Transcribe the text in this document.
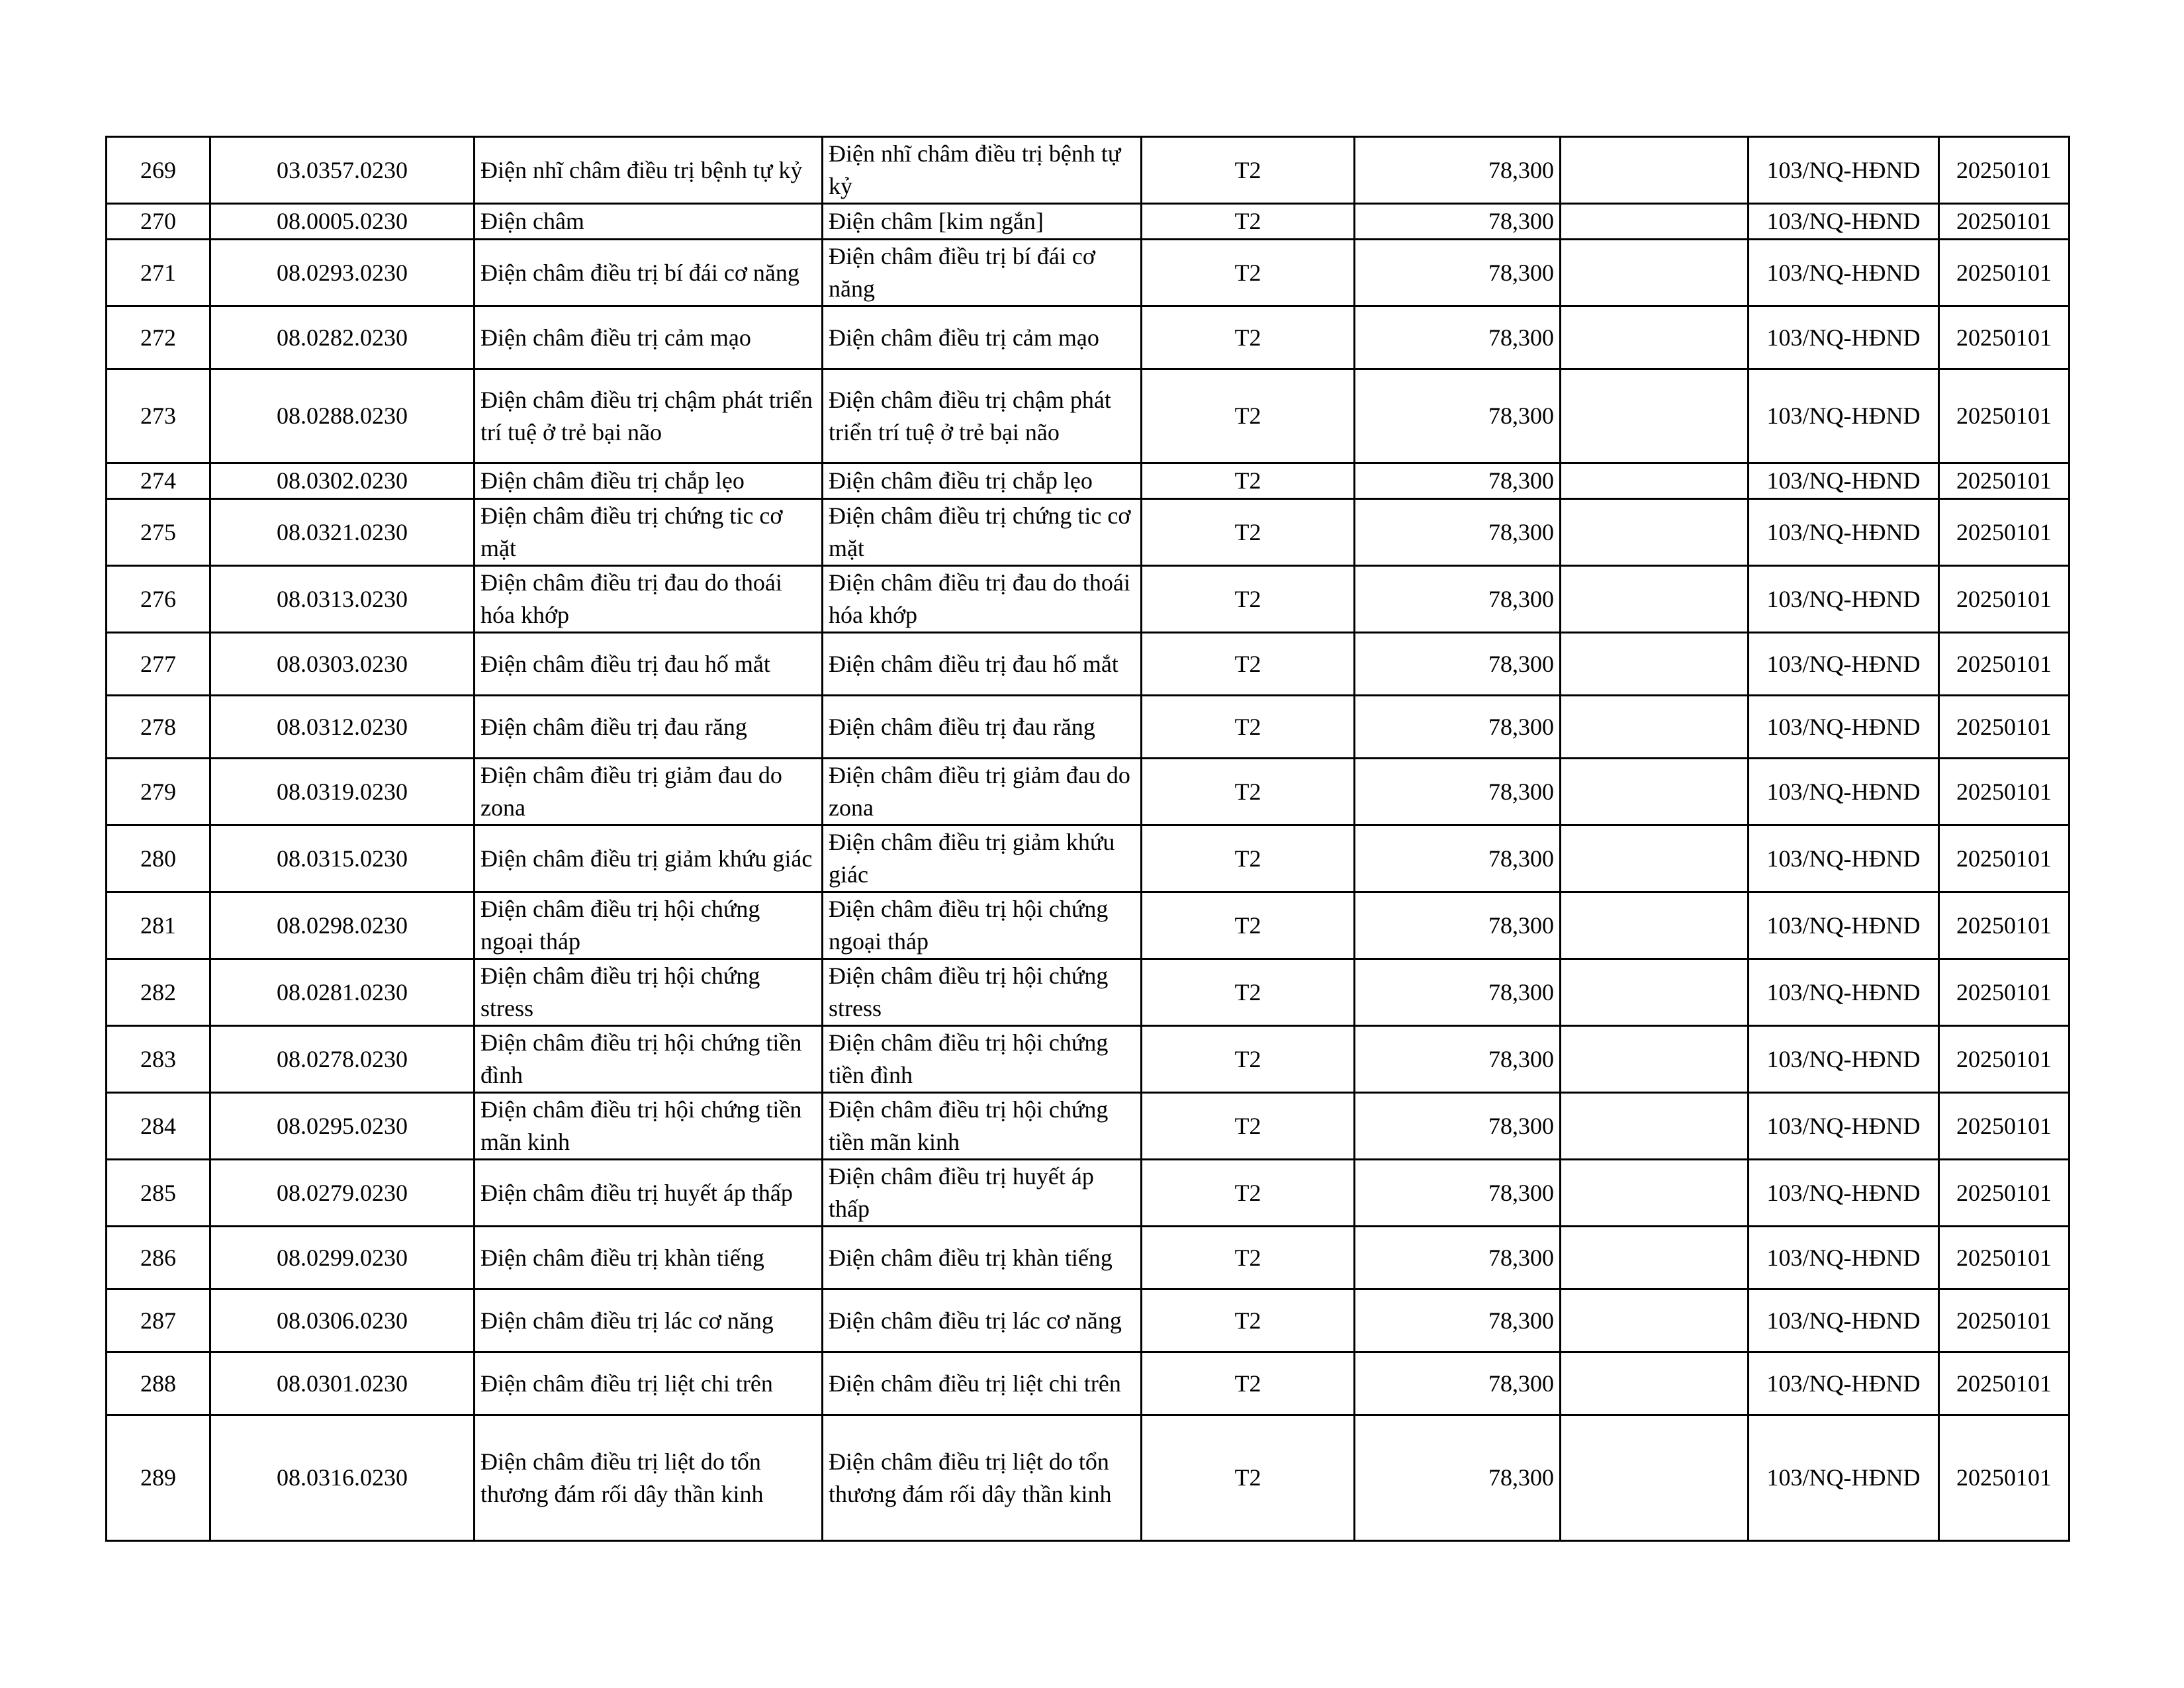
269	03.0357.0230	Điện nhĩ châm điều trị bệnh tự kỷ	Điện nhĩ châm điều trị bệnh tự kỷ	T2	78,300		103/NQ-HĐND	20250101
270	08.0005.0230	Điện châm	Điện châm [kim ngắn]	T2	78,300		103/NQ-HĐND	20250101
271	08.0293.0230	Điện châm điều trị bí đái cơ năng	Điện châm điều trị bí đái cơ năng	T2	78,300		103/NQ-HĐND	20250101
272	08.0282.0230	Điện châm điều trị cảm mạo	Điện châm điều trị cảm mạo	T2	78,300		103/NQ-HĐND	20250101
273	08.0288.0230	Điện châm điều trị chậm phát triển trí tuệ ở trẻ bại não	Điện châm điều trị chậm phát triển trí tuệ ở trẻ bại não	T2	78,300		103/NQ-HĐND	20250101
274	08.0302.0230	Điện châm điều trị chắp lẹo	Điện châm điều trị chắp lẹo	T2	78,300		103/NQ-HĐND	20250101
275	08.0321.0230	Điện châm điều trị chứng tic cơ mặt	Điện châm điều trị chứng tic cơ mặt	T2	78,300		103/NQ-HĐND	20250101
276	08.0313.0230	Điện châm điều trị đau do thoái hóa khớp	Điện châm điều trị đau do thoái hóa khớp	T2	78,300		103/NQ-HĐND	20250101
277	08.0303.0230	Điện châm điều trị đau hố mắt	Điện châm điều trị đau hố mắt	T2	78,300		103/NQ-HĐND	20250101
278	08.0312.0230	Điện châm điều trị đau răng	Điện châm điều trị đau răng	T2	78,300		103/NQ-HĐND	20250101
279	08.0319.0230	Điện châm điều trị giảm đau do zona	Điện châm điều trị giảm đau do zona	T2	78,300		103/NQ-HĐND	20250101
280	08.0315.0230	Điện châm điều trị giảm khứu giác	Điện châm điều trị giảm khứu giác	T2	78,300		103/NQ-HĐND	20250101
281	08.0298.0230	Điện châm điều trị hội chứng ngoại tháp	Điện châm điều trị hội chứng ngoại tháp	T2	78,300		103/NQ-HĐND	20250101
282	08.0281.0230	Điện châm điều trị hội chứng stress	Điện châm điều trị hội chứng stress	T2	78,300		103/NQ-HĐND	20250101
283	08.0278.0230	Điện châm điều trị hội chứng tiền đình	Điện châm điều trị hội chứng tiền đình	T2	78,300		103/NQ-HĐND	20250101
284	08.0295.0230	Điện châm điều trị hội chứng tiền mãn kinh	Điện châm điều trị hội chứng tiền mãn kinh	T2	78,300		103/NQ-HĐND	20250101
285	08.0279.0230	Điện châm điều trị huyết áp thấp	Điện châm điều trị huyết áp thấp	T2	78,300		103/NQ-HĐND	20250101
286	08.0299.0230	Điện châm điều trị khàn tiếng	Điện châm điều trị khàn tiếng	T2	78,300		103/NQ-HĐND	20250101
287	08.0306.0230	Điện châm điều trị lác cơ năng	Điện châm điều trị lác cơ năng	T2	78,300		103/NQ-HĐND	20250101
288	08.0301.0230	Điện châm điều trị liệt chi trên	Điện châm điều trị liệt chi trên	T2	78,300		103/NQ-HĐND	20250101
289	08.0316.0230	Điện châm điều trị liệt do tổn thương đám rối dây thần kinh	Điện châm điều trị liệt do tổn thương đám rối dây thần kinh	T2	78,300		103/NQ-HĐND	20250101
